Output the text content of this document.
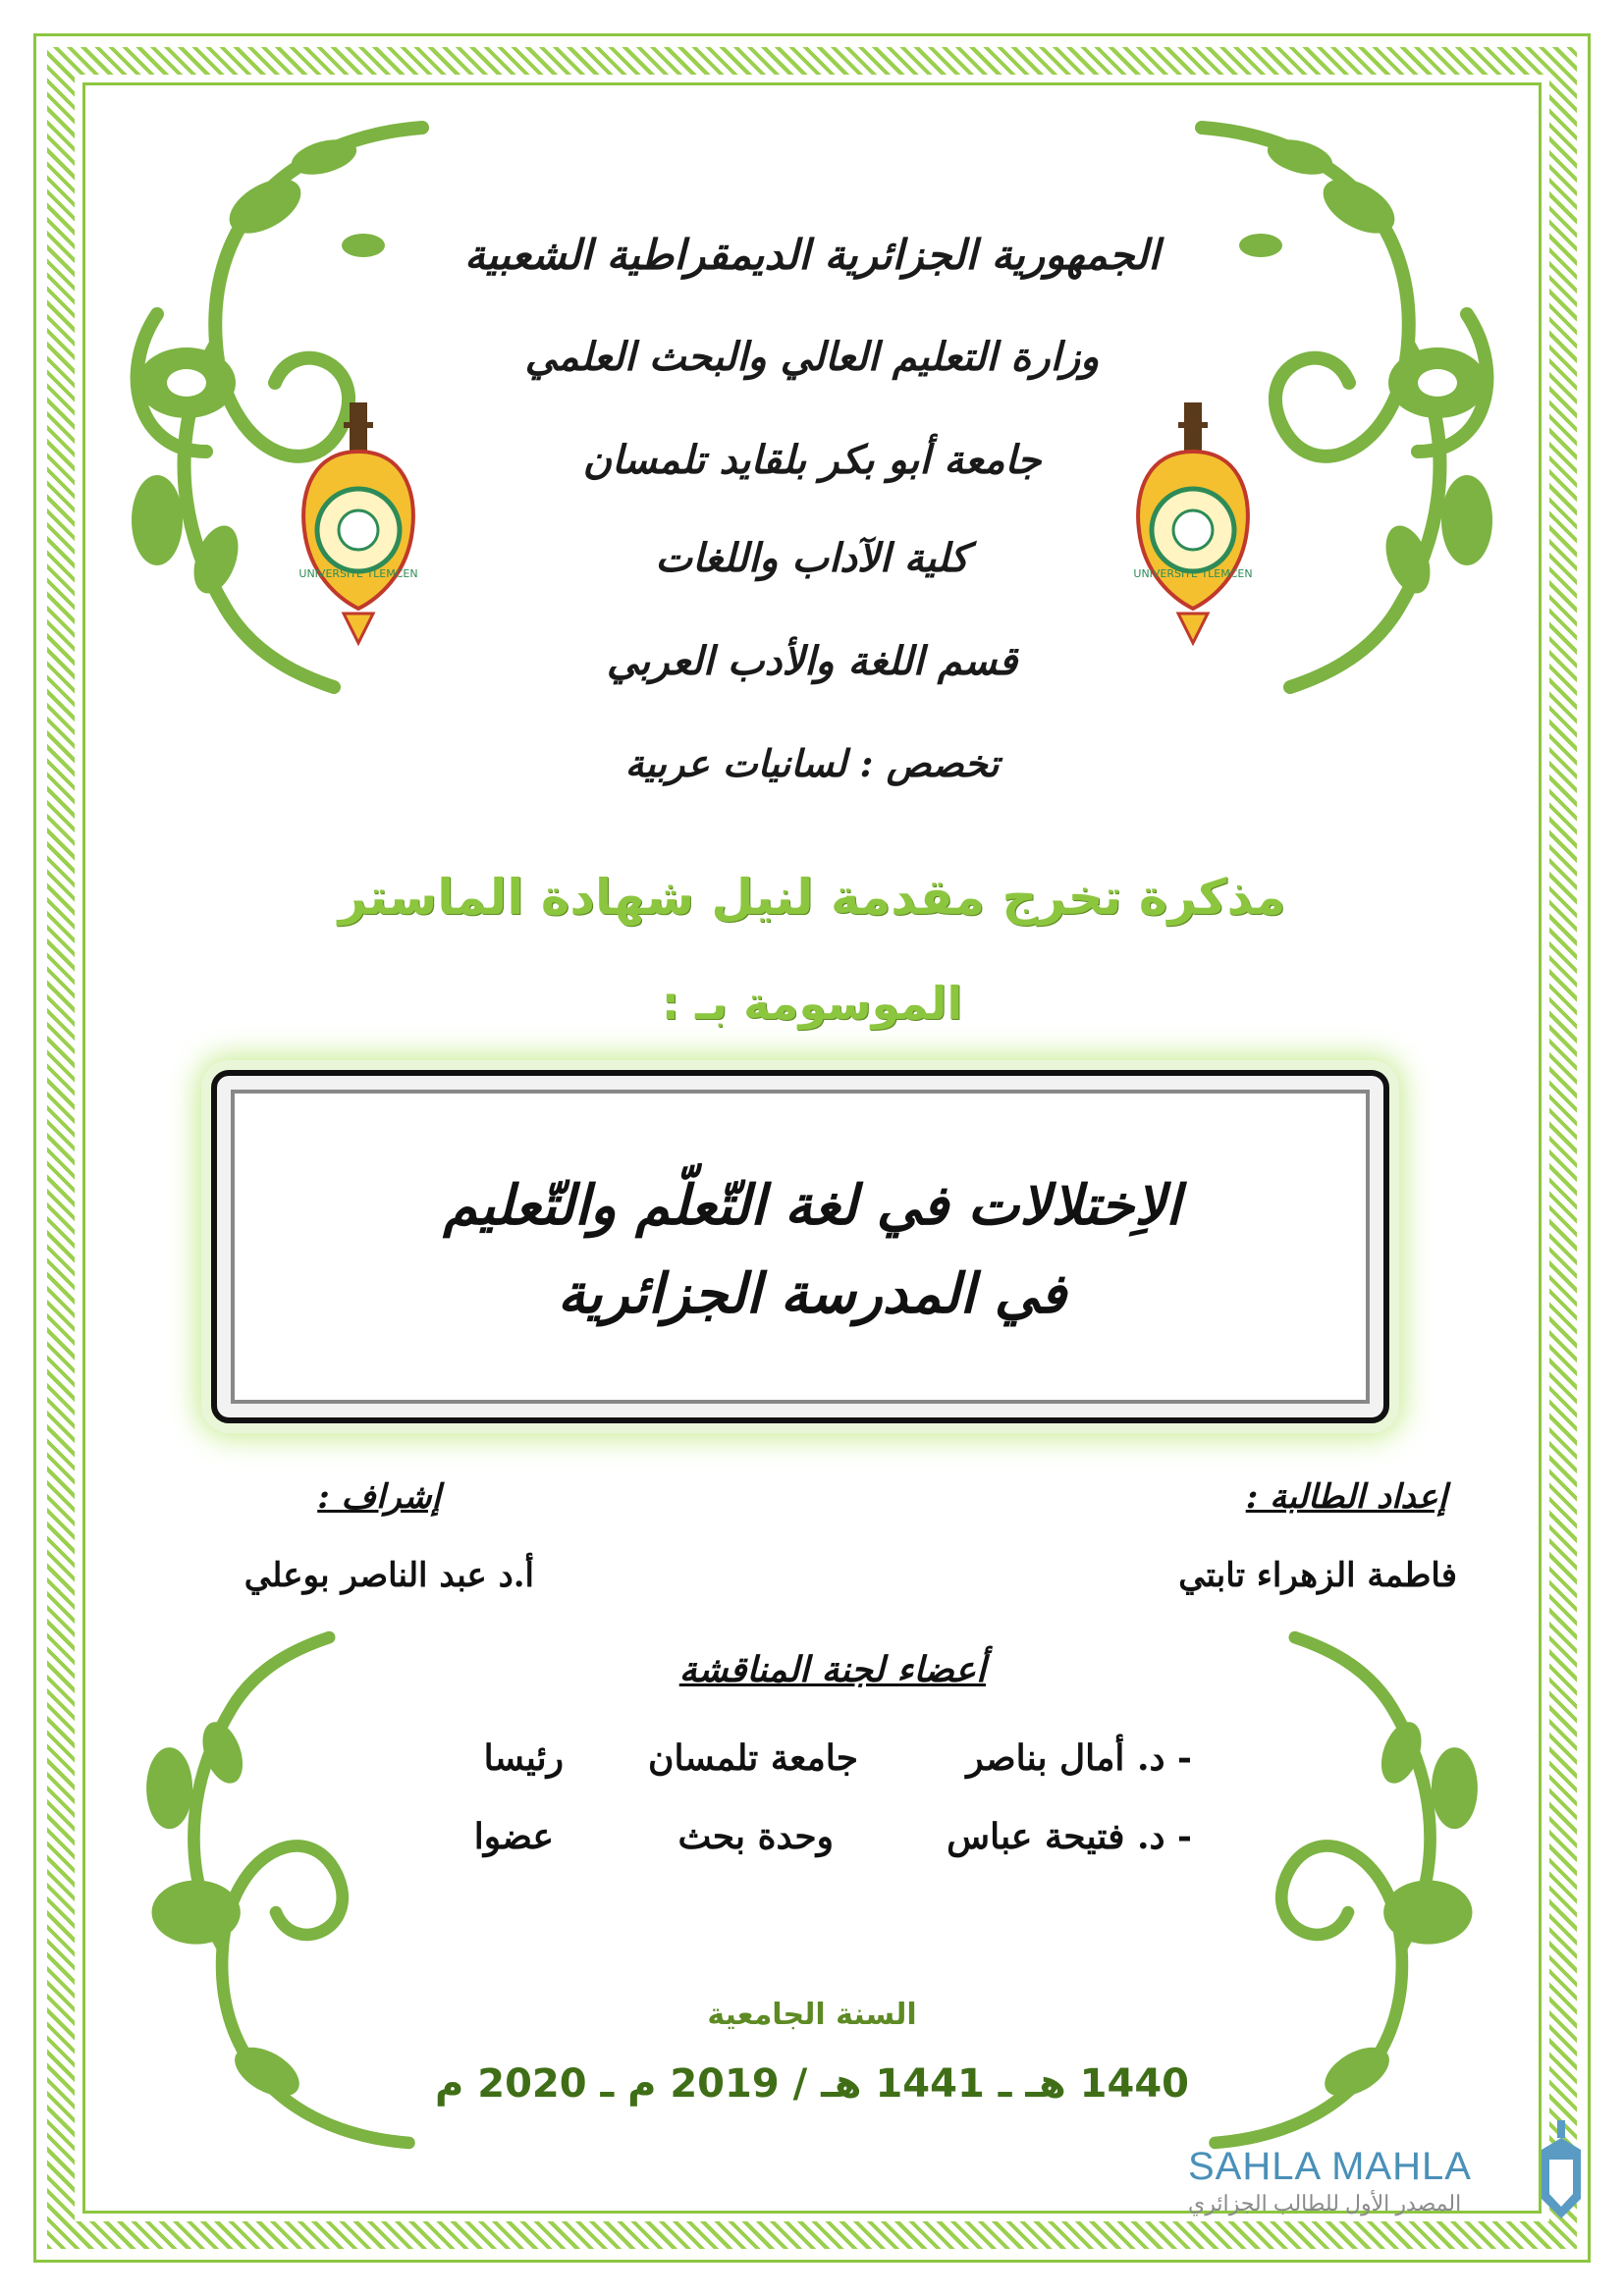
UNIVERSITE TLEMCEN	UNIVERSITE TLEMCEN
الجمهورية الجزائرية الديمقراطية الشعبية
وزارة التعليم العالي والبحث العلمي
جامعة أبو بكر بلقايد تلمسان
كلية الآداب واللغات
قسم اللغة والأدب العربي
تخصص : لسانيات عربية
مذكرة تخرج مقدمة لنيل شهادة الماستر
الموسومة بـ :
الاِختلالات في لغة التّعلّم والتّعليم
في المدرسة الجزائرية
إعداد الطالبة :
فاطمة الزهراء تابتي
إشراف :
أ.د عبد الناصر بوعلي
أعضاء لجنة المناقشة
- د. أمال بناصر
جامعة تلمسان
رئيسا
- د. فتيحة عباس
وحدة بحث
عضوا
السنة الجامعية
1440 هـ ـ 1441 هـ / 2019 م ـ 2020 م
SAHLA MAHLA
المصدر الأول للطالب الجزائري
